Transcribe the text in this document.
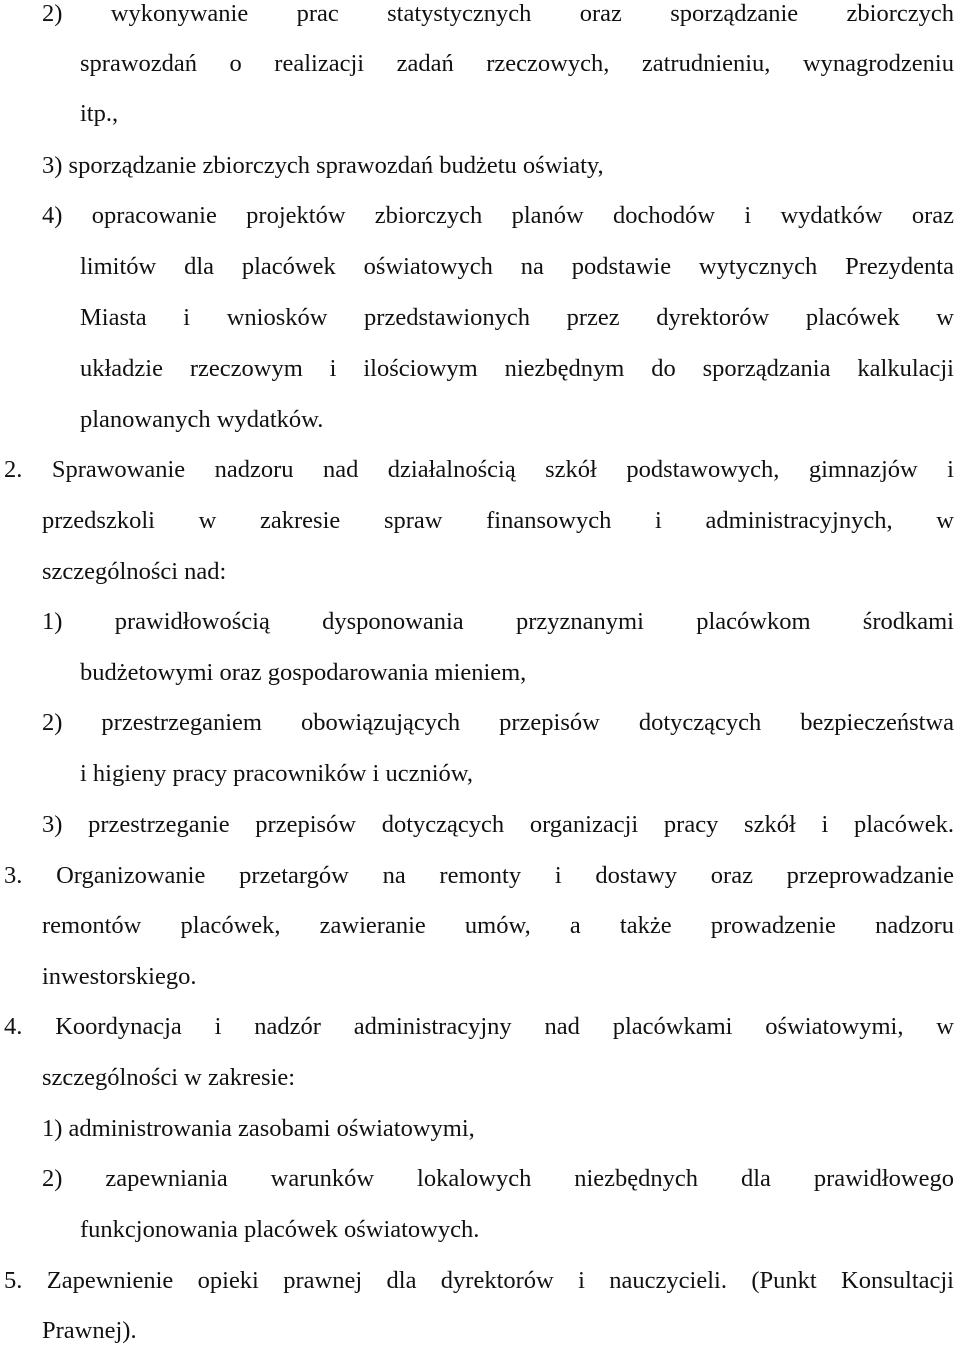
2) wykonywanie prac statystycznych oraz sporządzanie zbiorczych
sprawozdań o realizacji zadań rzeczowych, zatrudnieniu, wynagrodzeniu
itp.,
3) sporządzanie zbiorczych sprawozdań budżetu oświaty,
4) opracowanie projektów zbiorczych planów dochodów i wydatków oraz
limitów dla placówek oświatowych na podstawie wytycznych Prezydenta
Miasta i wniosków przedstawionych przez dyrektorów placówek w
układzie rzeczowym i ilościowym niezbędnym do sporządzania kalkulacji
planowanych wydatków.
2. Sprawowanie nadzoru nad działalnością szkół podstawowych, gimnazjów i
przedszkoli w zakresie spraw finansowych i administracyjnych, w
szczególności nad:
1) prawidłowością dysponowania przyznanymi placówkom środkami
budżetowymi oraz gospodarowania mieniem,
2) przestrzeganiem obowiązujących przepisów dotyczących bezpieczeństwa
i higieny pracy pracowników i uczniów,
3) przestrzeganie przepisów dotyczących organizacji pracy szkół i placówek.
3. Organizowanie przetargów na remonty i dostawy oraz przeprowadzanie
remontów placówek, zawieranie umów, a także prowadzenie nadzoru
inwestorskiego.
4. Koordynacja i nadzór administracyjny nad placówkami oświatowymi, w
szczególności w zakresie:
1) administrowania zasobami oświatowymi,
2) zapewniania warunków lokalowych niezbędnych dla prawidłowego
funkcjonowania placówek oświatowych.
5. Zapewnienie opieki prawnej dla dyrektorów i nauczycieli. (Punkt Konsultacji
Prawnej).
